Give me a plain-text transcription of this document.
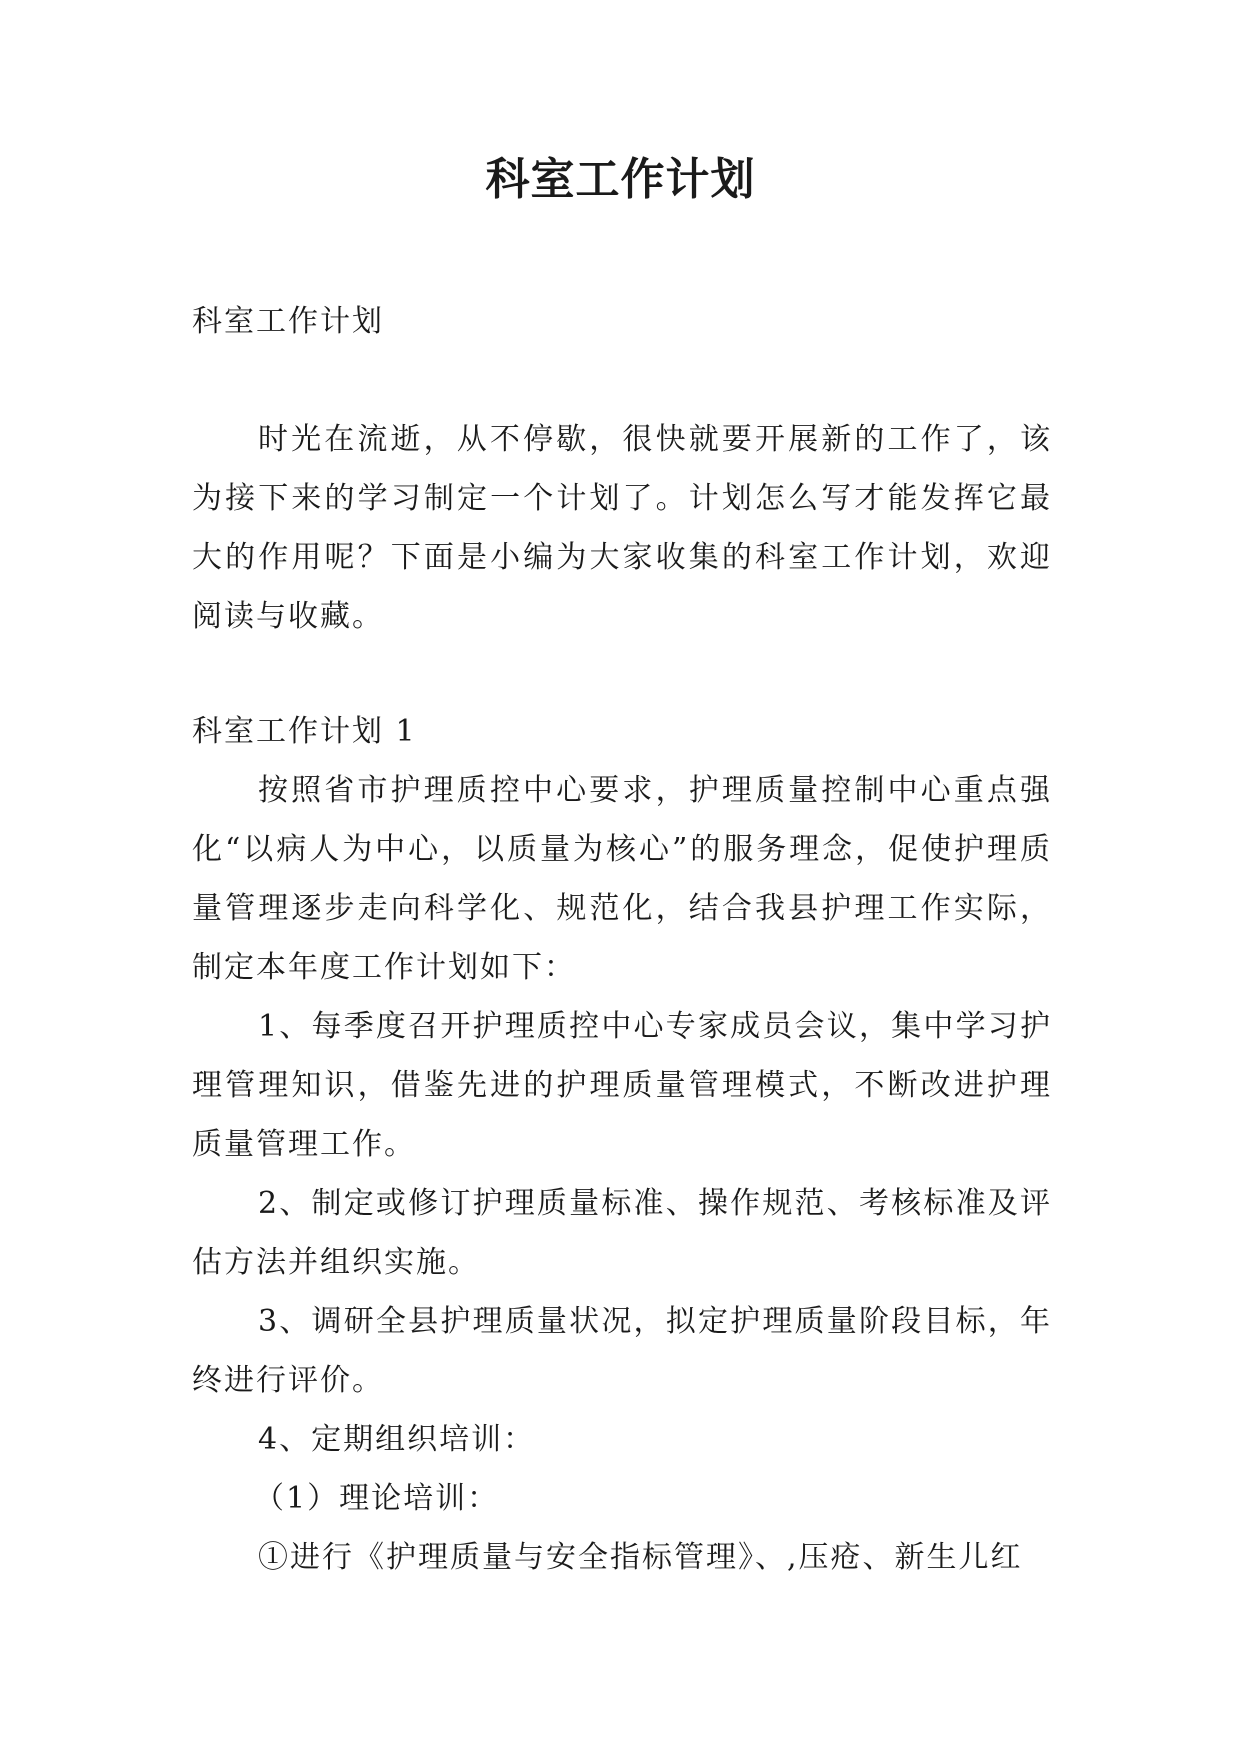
科室工作计划

科室工作计划

时光在流逝，从不停歇，很快就要开展新的工作了，该为接下来的学习制定一个计划了。计划怎么写才能发挥它最大的作用呢？下面是小编为大家收集的科室工作计划，欢迎阅读与收藏。

科室工作计划 1

按照省市护理质控中心要求，护理质量控制中心重点强化“以病人为中心，以质量为核心”的服务理念，促使护理质量管理逐步走向科学化、规范化，结合我县护理工作实际，制定本年度工作计划如下：

1、每季度召开护理质控中心专家成员会议，集中学习护理管理知识，借鉴先进的护理质量管理模式，不断改进护理质量管理工作。

2、制定或修订护理质量标准、操作规范、考核标准及评估方法并组织实施。

3、调研全县护理质量状况，拟定护理质量阶段目标，年终进行评价。

4、定期组织培训：

（1）理论培训：

①进行《护理质量与安全指标管理》、,压疮、新生儿红
